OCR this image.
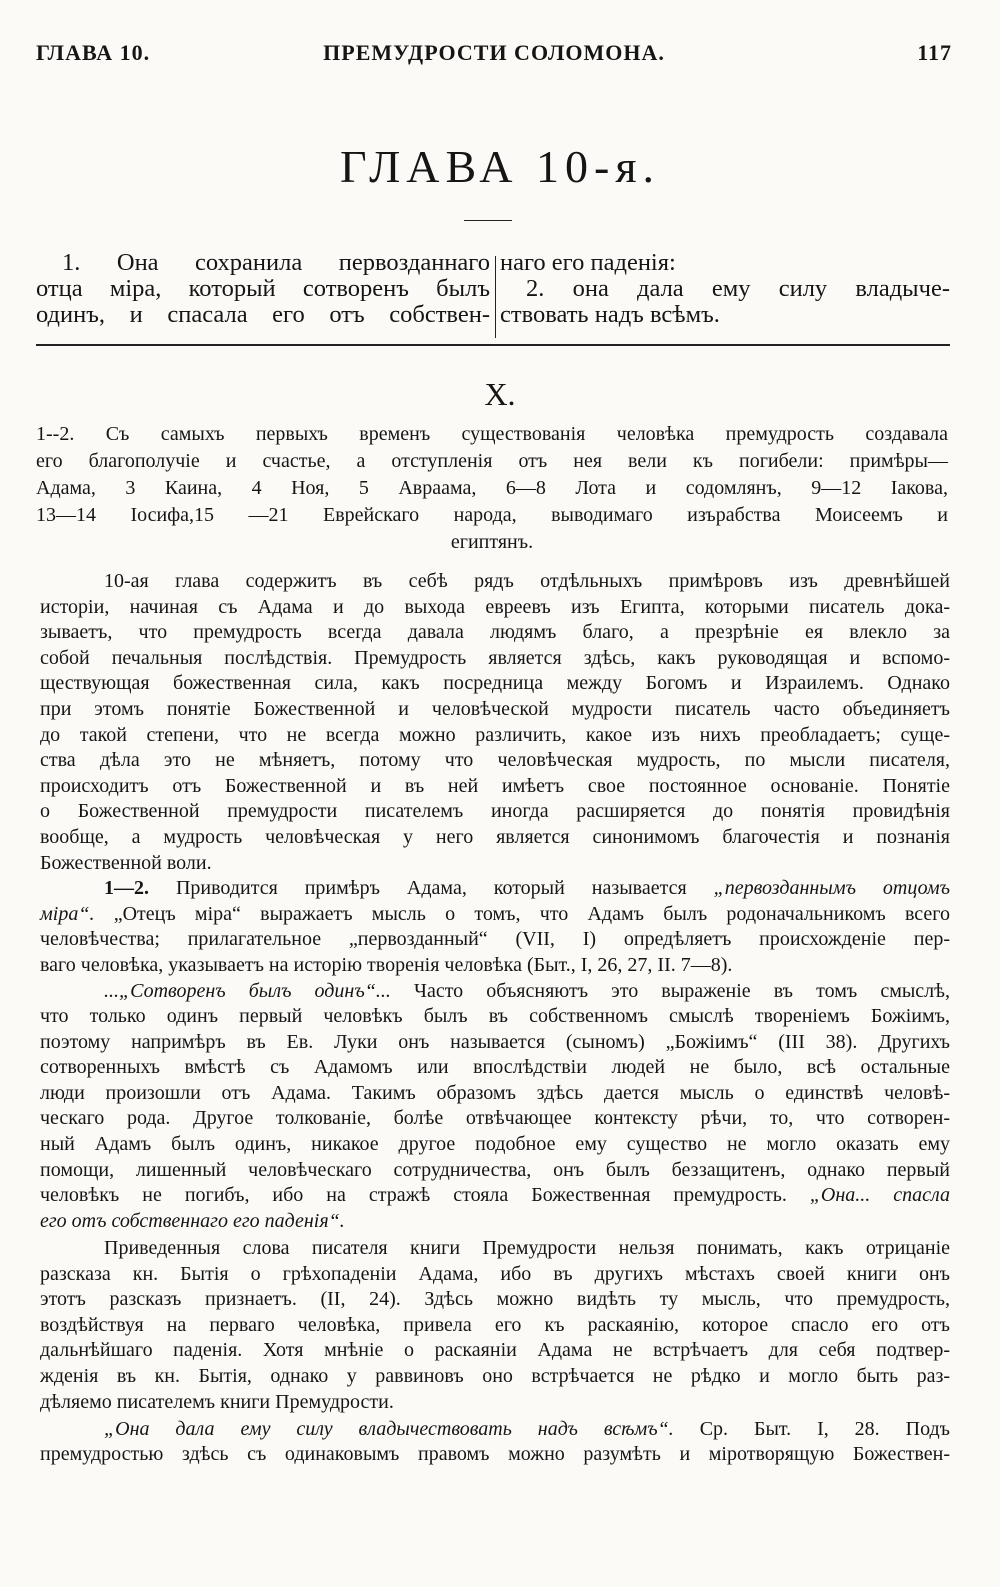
ГЛАВА 10.	ПРЕМУДРОСТИ СОЛОМОНА.	117
ГЛАВА 10-я.
1. Она сохранила первозданнаго
отца міра, который сотворенъ былъ
одинъ, и спасала его отъ собствен-
наго его паденія:
2. она дала ему силу владыче-
ствовать надъ всѣмъ.
X.
1--2. Съ самыхъ первыхъ временъ существованія человѣка премудрость создавала
его благополучіе и счастье, а отступленія отъ нея вели къ погибели: примѣры—
Адама, 3 Каина, 4 Ноя, 5 Авраама, 6—8 Лота и содомлянъ, 9—12 Іакова,
13—14 Іосифа,15 —21 Еврейскаго народа, выводимаго изърабства Моисеемъ и
египтянъ.
10-ая глава содержитъ въ себѣ рядъ отдѣльныхъ примѣровъ изъ древнѣйшей
исторіи, начиная съ Адама и до выхода евреевъ изъ Египта, которыми писатель дока-
зываетъ, что премудрость всегда давала людямъ благо, а презрѣніе ея влекло за
собой печальныя послѣдствія. Премудрость является здѣсь, какъ руководящая и вспомо-
ществующая божественная сила, какъ посредница между Богомъ и Израилемъ. Однако
при этомъ понятіе Божественной и человѣческой мудрости писатель часто объединяетъ
до такой степени, что не всегда можно различить, какое изъ нихъ преобладаетъ; суще-
ства дѣла это не мѣняетъ, потому что человѣческая мудрость, по мысли писателя,
происходитъ отъ Божественной и въ ней имѣетъ свое постоянное основаніе. Понятіе
о Божественной премудрости писателемъ иногда расширяется до понятія провидѣнія
вообще, а мудрость человѣческая у него является синонимомъ благочестія и познанія
Божественной воли.
1—2. Приводится примѣръ Адама, который называется „первозданнымъ отцомъ
міра“. „Отецъ міра“ выражаетъ мысль о томъ, что Адамъ былъ родоначальникомъ всего
человѣчества; прилагательное „первозданный“ (VII, I) опредѣляетъ происхожденіе пер-
ваго человѣка, указываетъ на исторію творенія человѣка (Быт., I, 26, 27, II. 7—8).
...„Сотворенъ былъ одинъ“... Часто объясняютъ это выраженіе въ томъ смыслѣ,
что только одинъ первый человѣкъ былъ въ собственномъ смыслѣ твореніемъ Божіимъ,
поэтому напримѣръ въ Ев. Луки онъ называется (сыномъ) „Божіимъ“ (III 38). Другихъ
сотворенныхъ вмѣстѣ съ Адамомъ или впослѣдствіи людей не было, всѣ остальные
люди произошли отъ Адама. Такимъ образомъ здѣсь дается мысль о единствѣ человѣ-
ческаго рода. Другое толкованіе, болѣе отвѣчающее контексту рѣчи, то, что сотворен-
ный Адамъ былъ одинъ, никакое другое подобное ему существо не могло оказать ему
помощи, лишенный человѣческаго сотрудничества, онъ былъ беззащитенъ, однако первый
человѣкъ не погибъ, ибо на стражѣ стояла Божественная премудрость. „Она... спасла
его отъ собственнаго его паденія“.
Приведенныя слова писателя книги Премудрости нельзя понимать, какъ отрицаніе
разсказа кн. Бытія о грѣхопаденіи Адама, ибо въ другихъ мѣстахъ своей книги онъ
этотъ разсказъ признаетъ. (II, 24). Здѣсь можно видѣть ту мысль, что премудрость,
воздѣйствуя на перваго человѣка, привела его къ раскаянію, которое спасло его отъ
дальнѣйшаго паденія. Хотя мнѣніе о раскаяніи Адама не встрѣчаетъ для себя подтвер-
жденія въ кн. Бытія, однако у раввиновъ оно встрѣчается не рѣдко и могло быть раз-
дѣляемо писателемъ книги Премудрости.
„Она дала ему силу владычествовать надъ всѣмъ“. Ср. Быт. I, 28. Подъ
премудростью здѣсь съ одинаковымъ правомъ можно разумѣть и міротворящую Божествен-
